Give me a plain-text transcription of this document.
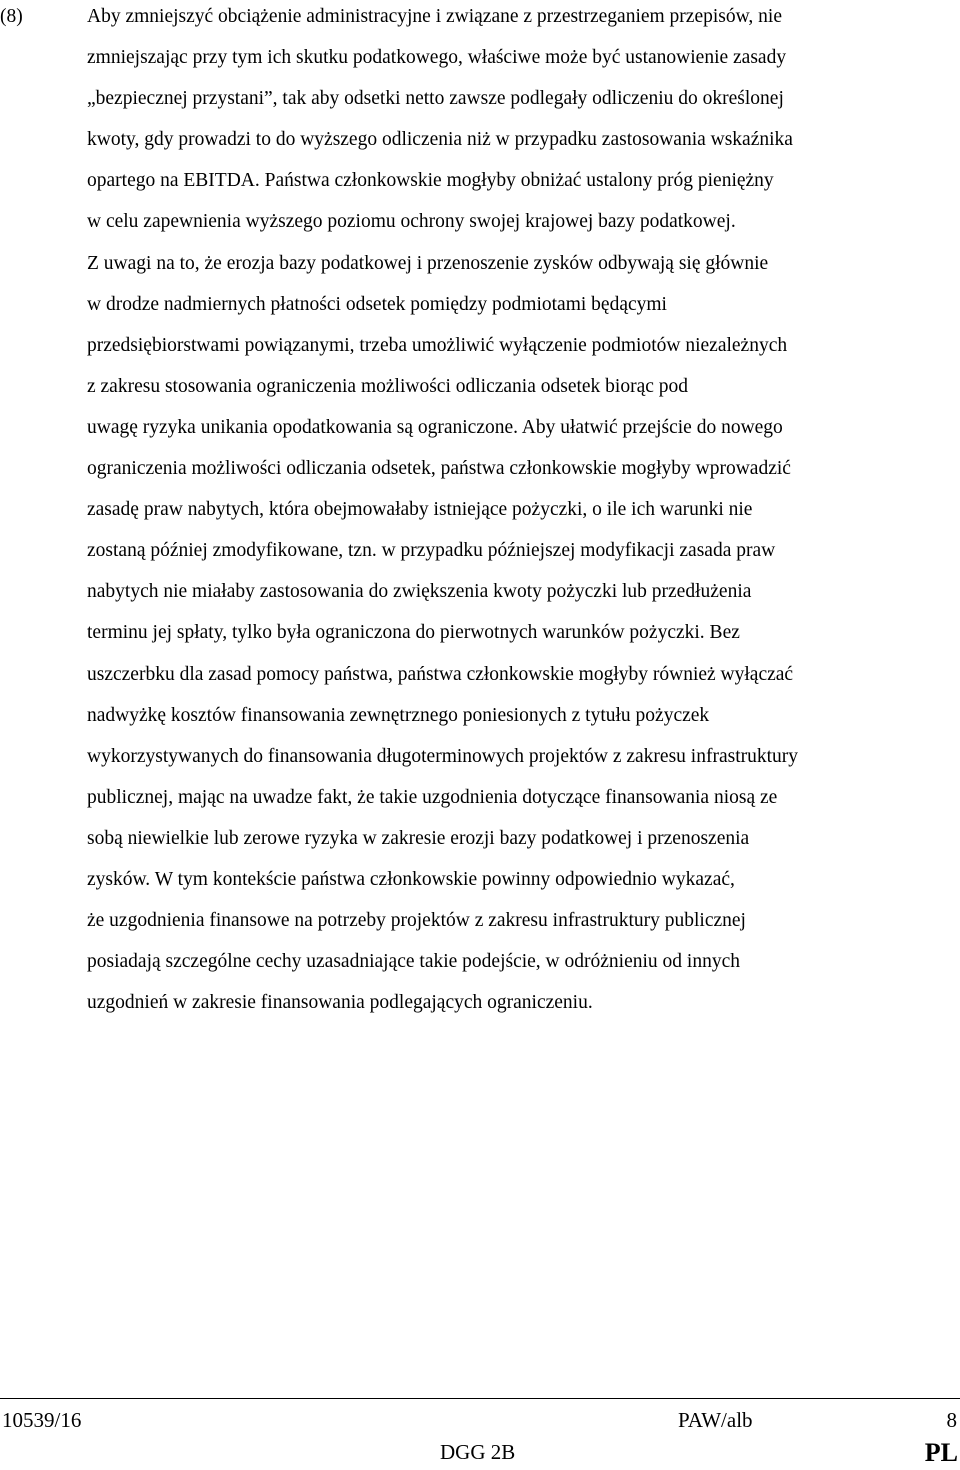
(8)	Aby zmniejszyć obciążenie administracyjne i związane z przestrzeganiem przepisów, nie
zmniejszając przy tym ich skutku podatkowego, właściwe może być ustanowienie zasady
„bezpiecznej przystani”, tak aby odsetki netto zawsze podlegały odliczeniu do określonej
kwoty, gdy prowadzi to do wyższego odliczenia niż w przypadku zastosowania wskaźnika
opartego na EBITDA. Państwa członkowskie mogłyby obniżać ustalony próg pieniężny
w celu zapewnienia wyższego poziomu ochrony swojej krajowej bazy podatkowej.
Z uwagi na to, że erozja bazy podatkowej i przenoszenie zysków odbywają się głównie
w drodze nadmiernych płatności odsetek pomiędzy podmiotami będącymi
przedsiębiorstwami powiązanymi, trzeba umożliwić wyłączenie podmiotów niezależnych
z zakresu stosowania ograniczenia możliwości odliczania odsetek biorąc pod
uwagę ryzyka unikania opodatkowania są ograniczone. Aby ułatwić przejście do nowego
ograniczenia możliwości odliczania odsetek, państwa członkowskie mogłyby wprowadzić
zasadę praw nabytych, która obejmowałaby istniejące pożyczki, o ile ich warunki nie
zostaną później zmodyfikowane, tzn. w przypadku późniejszej modyfikacji zasada praw
nabytych nie miałaby zastosowania do zwiększenia kwoty pożyczki lub przedłużenia
terminu jej spłaty, tylko była ograniczona do pierwotnych warunków pożyczki. Bez
uszczerbku dla zasad pomocy państwa, państwa członkowskie mogłyby również wyłączać
nadwyżkę kosztów finansowania zewnętrznego poniesionych z tytułu pożyczek
wykorzystywanych do finansowania długoterminowych projektów z zakresu infrastruktury
publicznej, mając na uwadze fakt, że takie uzgodnienia dotyczące finansowania niosą ze
sobą niewielkie lub zerowe ryzyka w zakresie erozji bazy podatkowej i przenoszenia
zysków. W tym kontekście państwa członkowskie powinny odpowiednio wykazać,
że uzgodnienia finansowe na potrzeby projektów z zakresu infrastruktury publicznej
posiadają szczególne cechy uzasadniające takie podejście, w odróżnieniu od innych
uzgodnień w zakresie finansowania podlegających ograniczeniu.
10539/16	PAW/alb	8
DGG 2B	PL
